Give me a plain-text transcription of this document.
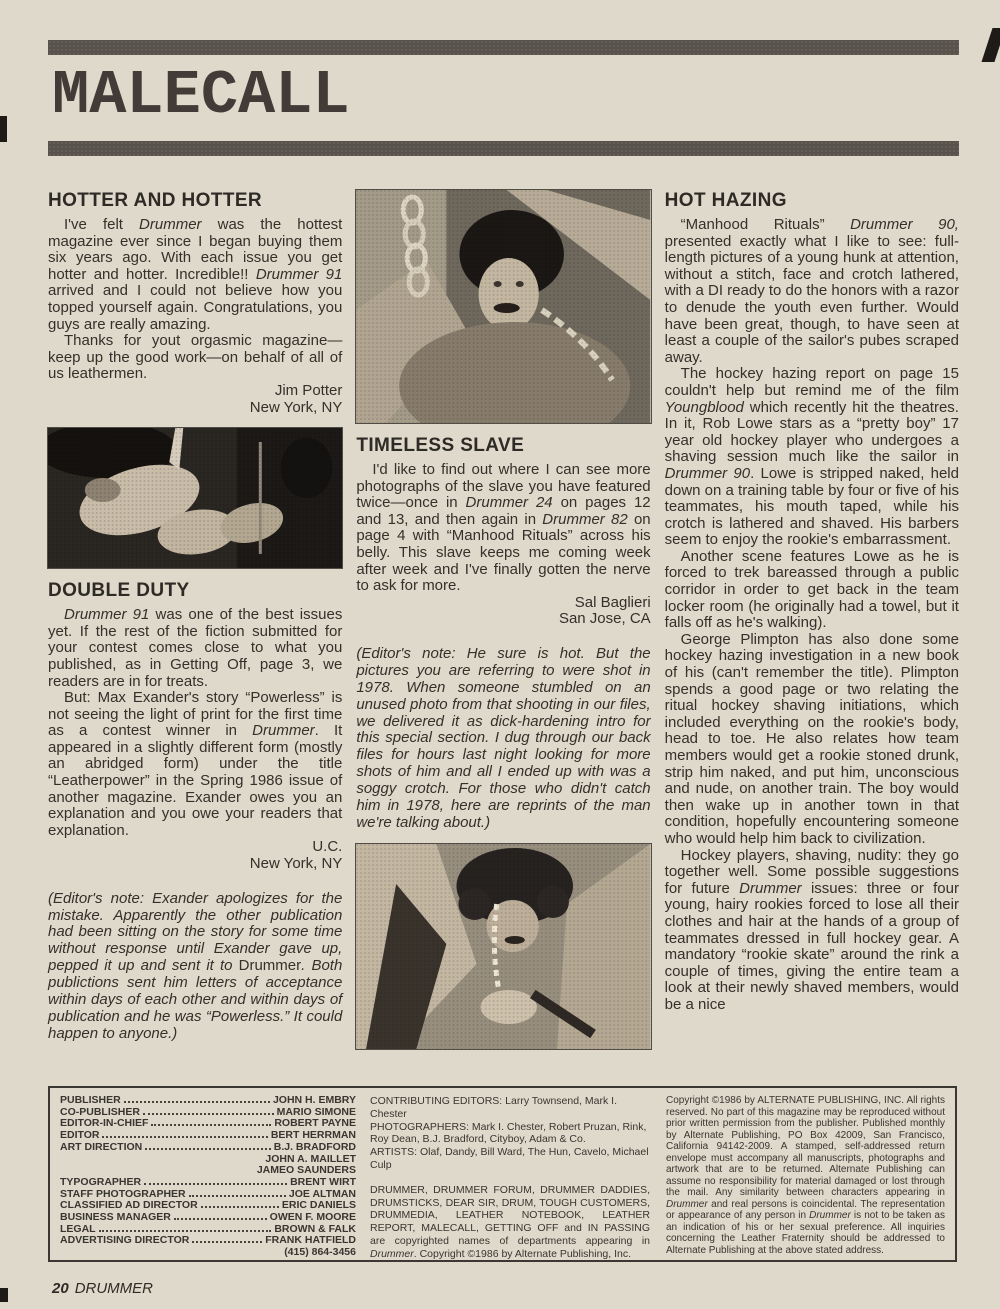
MALECALL
HOTTER AND HOTTER

I've felt Drummer was the hottest magazine ever since I began buying them six years ago. With each issue you get hotter and hotter. Incredible!! Drummer 91 arrived and I could not believe how you topped yourself again. Congratulations, you guys are really amazing.

Thanks for yout orgasmic magazine—keep up the good work—on behalf of all of us leathermen.

Jim Potter
New York, NY
DOUBLE DUTY

Drummer 91 was one of the best issues yet. If the rest of the fiction submitted for your contest comes close to what you published, as in Getting Off, page 3, we readers are in for treats.

But: Max Exander's story “Powerless” is not seeing the light of print for the first time as a contest winner in Drummer. It appeared in a slightly different form (mostly an abridged form) under the title “Leatherpower” in the Spring 1986 issue of another magazine. Exander owes you an explanation and you owe your readers that explanation.

U.C.
New York, NY

(Editor's note: Exander apologizes for the mistake. Apparently the other publication had been sitting on the story for some time without response until Exander gave up, pepped it up and sent it to Drummer. Both publictions sent him letters of acceptance within days of each other and within days of publication and he was “Powerless.” It could happen to anyone.)

TIMELESS SLAVE

I'd like to find out where I can see more photographs of the slave you have featured twice—once in Drummer 24 on pages 12 and 13, and then again in Drummer 82 on page 4 with “Manhood Rituals” across his belly. This slave keeps me coming week after week and I've finally gotten the nerve to ask for more.

Sal Baglieri
San Jose, CA

(Editor's note: He sure is hot. But the pictures you are referring to were shot in 1978. When someone stumbled on an unused photo from that shooting in our files, we delivered it as dick-hardening intro for this special section. I dug through our back files for hours last night looking for more shots of him and all I ended up with was a soggy crotch. For those who didn't catch him in 1978, here are reprints of the man we're talking about.)

HOT HAZING

“Manhood Rituals” Drummer 90, presented exactly what I like to see: full-length pictures of a young hunk at attention, without a stitch, face and crotch lathered, with a DI ready to do the honors with a razor to denude the youth even further. Would have been great, though, to have seen at least a couple of the sailor's pubes scraped away.

The hockey hazing report on page 15 couldn't help but remind me of the film Youngblood which recently hit the theatres. In it, Rob Lowe stars as a “pretty boy” 17 year old hockey player who undergoes a shaving session much like the sailor in Drummer 90. Lowe is stripped naked, held down on a training table by four or five of his teammates, his mouth taped, while his crotch is lathered and shaved. His barbers seem to enjoy the rookie's embarrassment.

Another scene features Lowe as he is forced to trek bareassed through a public corridor in order to get back in the team locker room (he originally had a towel, but it falls off as he's walking).

George Plimpton has also done some hockey hazing investigation in a new book of his (can't remember the title). Plimpton spends a good page or two relating the ritual hockey shaving initiations, which included everything on the rookie's body, head to toe. He also relates how team members would get a rookie stoned drunk, strip him naked, and put him, unconscious and nude, on another train. The boy would then wake up in another town in that condition, hopefully encountering someone who would help him back to civilization.

Hockey players, shaving, nudity: they go together well. Some possible suggestions for future Drummer issues: three or four young, hairy rookies forced to lose all their clothes and hair at the hands of a group of teammates dressed in full hockey gear. A mandatory “rookie skate” around the rink a couple of times, giving the entire team a look at their newly shaved members, would be a nice

PUBLISHER	JOHN H. EMBRY
CO-PUBLISHER	MARIO SIMONE
EDITOR-IN-CHIEF	ROBERT PAYNE
EDITOR	BERT HERRMAN
ART DIRECTION	B.J. BRADFORD
JOHN A. MAILLET
JAMEO SAUNDERS
TYPOGRAPHER	BRENT WIRT
STAFF PHOTOGRAPHER	JOE ALTMAN
CLASSIFIED AD DIRECTOR	ERIC DANIELS
BUSINESS MANAGER	OWEN F. MOORE
LEGAL	BROWN & FALK
ADVERTISING DIRECTOR	FRANK HATFIELD
(415) 864-3456
CONTRIBUTING EDITORS: Larry Townsend, Mark I. Chester
PHOTOGRAPHERS: Mark I. Chester, Robert Pruzan, Rink, Roy Dean, B.J. Bradford, Cityboy, Adam & Co.
ARTISTS: Olaf, Dandy, Bill Ward, The Hun, Cavelo, Michael Culp
DRUMMER, DRUMMER FORUM, DRUMMER DADDIES, DRUMSTICKS, DEAR SIR, DRUM, TOUGH CUSTOMERS, DRUMMEDIA, LEATHER NOTEBOOK, LEATHER REPORT, MALECALL, GETTING OFF and IN PASSING are copyrighted names of departments appearing in Drummer. Copyright ©1986 by Alternate Publishing, Inc.
Copyright ©1986 by ALTERNATE PUBLISHING, INC. All rights reserved. No part of this magazine may be reproduced without prior written permission from the publisher. Published monthly by Alternate Publishing, PO Box 42009, San Francisco, California 94142-2009. A stamped, self-addressed return envelope must accompany all manuscripts, photographs and artwork that are to be returned. Alternate Publishing can assume no responsibility for material damaged or lost through the mail. Any similarity between characters appearing in Drummer and real persons is coincidental. The representation or appearance of any person in Drummer is not to be taken as an indication of his or her sexual preference. All inquiries concerning the Leather Fraternity should be addressed to Alternate Publishing at the above stated address.
20 DRUMMER
